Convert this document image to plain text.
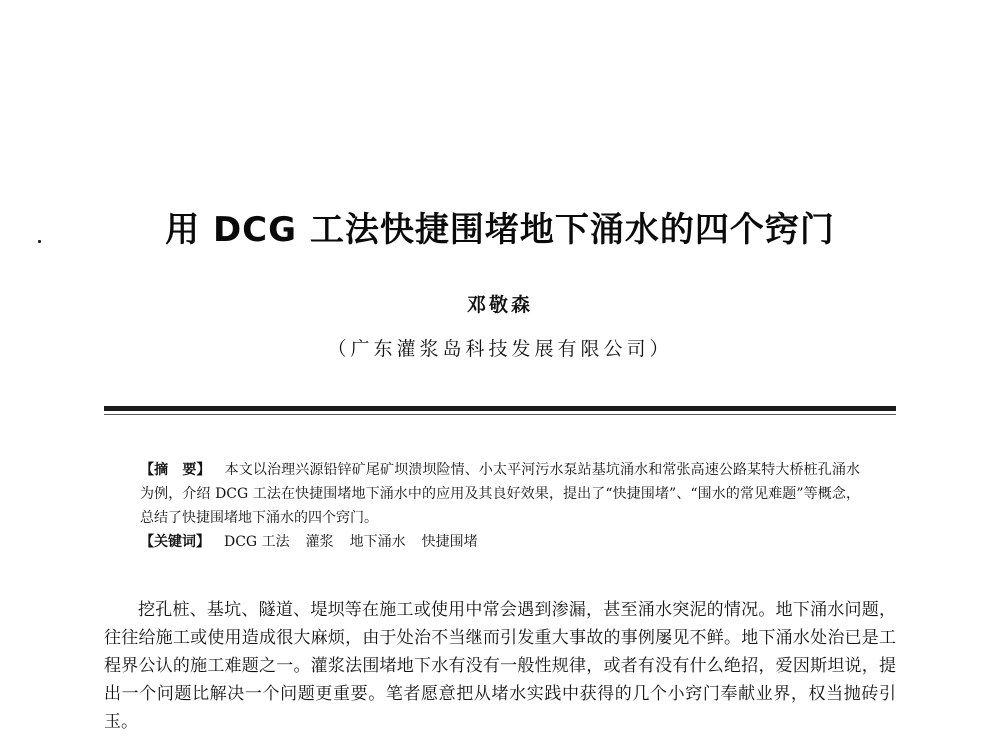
用 DCG 工法快捷围堵地下涌水的四个窍门
邓敬森
（广东灌浆岛科技发展有限公司）

【摘　要】 本文以治理兴源铅锌矿尾矿坝溃坝险情、小太平河污水泵站基坑涌水和常张高速公路某特大桥桩孔涌水为例，介绍 DCG 工法在快捷围堵地下涌水中的应用及其良好效果，提出了“快捷围堵”、“围水的常见难题”等概念，总结了快捷围堵地下涌水的四个窍门。

【关键词】 DCG 工法 灌浆 地下涌水 快捷围堵

挖孔桩、基坑、隧道、堤坝等在施工或使用中常会遇到渗漏，甚至涌水突泥的情况。地下涌水问题，往往给施工或使用造成很大麻烦，由于处治不当继而引发重大事故的事例屡见不鲜。地下涌水处治已是工程界公认的施工难题之一。灌浆法围堵地下水有没有一般性规律，或者有没有什么绝招，爱因斯坦说，提出一个问题比解决一个问题更重要。笔者愿意把从堵水实践中获得的几个小窍门奉献业界，权当抛砖引玉。
